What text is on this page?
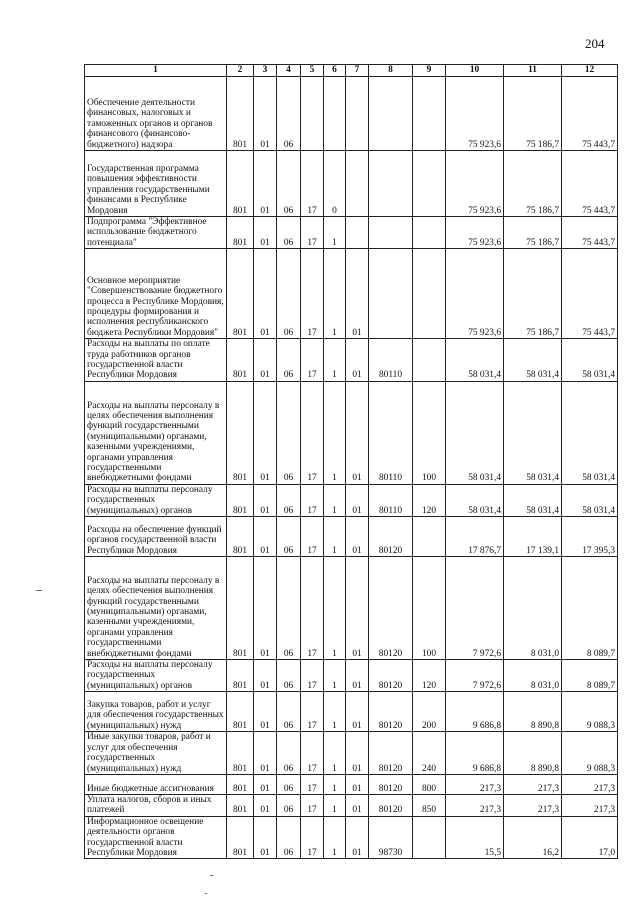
204
1	2	3	4	5	6	7	8	9	10	11	12
Обеспечение деятельности финансовых, налоговых и таможенных органов и органов финансового (финансово-бюджетного) надзора	801	01	06						75 923,6	75 186,7	75 443,7
Государственная программа повышения эффективности управления государственными финансами в Республике Мордовия	801	01	06	17	0				75 923,6	75 186,7	75 443,7
Подпрограмма "Эффективное использование бюджетного потенциала"	801	01	06	17	1				75 923,6	75 186,7	75 443,7
Основное мероприятие "Совершенствование бюджетного процесса в Республике Мордовия, процедуры формирования и исполнения республиканского бюджета Республики Мордовия"	801	01	06	17	1	01			75 923,6	75 186,7	75 443,7
Расходы на выплаты по оплате труда работников органов государственной власти Республики Мордовия	801	01	06	17	1	01	80110		58 031,4	58 031,4	58 031,4
Расходы на выплаты персоналу в целях обеспечения выполнения функций государственными (муниципальными) органами, казенными учреждениями, органами управления государственными внебюджетными фондами	801	01	06	17	1	01	80110	100	58 031,4	58 031,4	58 031,4
Расходы на выплаты персоналу государственных (муниципальных) органов	801	01	06	17	1	01	80110	120	58 031,4	58 031,4	58 031,4
Расходы на обеспечение функций органов государственной власти Республики Мордовия	801	01	06	17	1	01	80120		17 876,7	17 139,1	17 395,3
Расходы на выплаты персоналу в целях обеспечения выполнения функций государственными (муниципальными) органами, казенными учреждениями, органами управления государственными внебюджетными фондами	801	01	06	17	1	01	80120	100	7 972,6	8 031,0	8 089,7
Расходы на выплаты персоналу государственных (муниципальных) органов	801	01	06	17	1	01	80120	120	7 972,6	8 031,0	8 089,7
Закупка товаров, работ и услуг для обеспечения государственных (муниципальных) нужд	801	01	06	17	1	01	80120	200	9 686,8	8 890,8	9 088,3
Иные закупки товаров, работ и услуг для обеспечения государственных (муниципальных) нужд	801	01	06	17	1	01	80120	240	9 686,8	8 890,8	9 088,3
Иные бюджетные ассигнования	801	01	06	17	1	01	80120	800	217,3	217,3	217,3
Уплата налогов, сборов и иных платежей	801	01	06	17	1	01	80120	850	217,3	217,3	217,3
Информационное освещение деятельности органов государственной власти Республики Мордовия	801	01	06	17	1	01	98730		15,5	16,2	17,0
